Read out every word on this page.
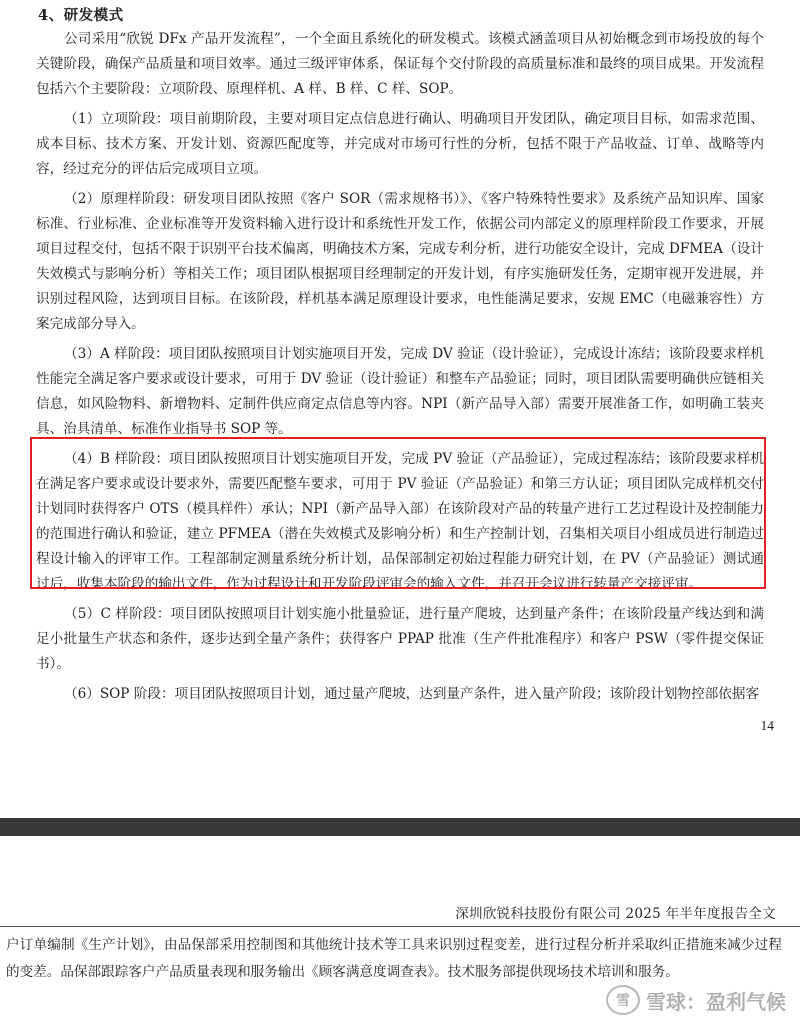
4、研发模式

公司采用“欣锐 DFx 产品开发流程”，一个全面且系统化的研发模式。该模式涵盖项目从初始概念到市场投放的每个关键阶段，确保产品质量和项目效率。通过三级评审体系，保证每个交付阶段的高质量标准和最终的项目成果。开发流程包括六个主要阶段：立项阶段、原理样机、A 样、B 样、C 样、SOP。

（1）立项阶段：项目前期阶段，主要对项目定点信息进行确认、明确项目开发团队，确定项目目标，如需求范围、成本目标、技术方案、开发计划、资源匹配度等，并完成对市场可行性的分析，包括不限于产品收益、订单、战略等内容，经过充分的评估后完成项目立项。

（2）原理样阶段：研发项目团队按照《客户 SOR（需求规格书）》、《客户特殊特性要求》及系统产品知识库、国家标准、行业标准、企业标准等开发资料输入进行设计和系统性开发工作，依据公司内部定义的原理样阶段工作要求，开展项目过程交付，包括不限于识别平台技术偏离，明确技术方案，完成专利分析，进行功能安全设计，完成 DFMEA（设计失效模式与影响分析）等相关工作；项目团队根据项目经理制定的开发计划，有序实施研发任务，定期审视开发进展，并识别过程风险，达到项目目标。在该阶段，样机基本满足原理设计要求，电性能满足要求，安规 EMC（电磁兼容性）方案完成部分导入。

（3）A 样阶段：项目团队按照项目计划实施项目开发，完成 DV 验证（设计验证），完成设计冻结；该阶段要求样机性能完全满足客户要求或设计要求，可用于 DV 验证（设计验证）和整车产品验证；同时，项目团队需要明确供应链相关信息，如风险物料、新增物料、定制件供应商定点信息等内容。NPI（新产品导入部）需要开展准备工作，如明确工装夹具、治具清单、标准作业指导书 SOP 等。

（4）B 样阶段：项目团队按照项目计划实施项目开发，完成 PV 验证（产品验证），完成过程冻结；该阶段要求样机在满足客户要求或设计要求外，需要匹配整车要求，可用于 PV 验证（产品验证）和第三方认证；项目团队完成样机交付计划同时获得客户 OTS（模具样件）承认；NPI（新产品导入部）在该阶段对产品的转量产进行工艺过程设计及控制能力的范围进行确认和验证，建立 PFMEA（潜在失效模式及影响分析）和生产控制计划，召集相关项目小组成员进行制造过程设计输入的评审工作。工程部制定测量系统分析计划，品保部制定初始过程能力研究计划，在 PV（产品验证）测试通过后，收集本阶段的输出文件，作为过程设计和开发阶段评审会的输入文件，并召开会议进行转量产交接评审。

（5）C 样阶段：项目团队按照项目计划实施小批量验证，进行量产爬坡，达到量产条件；在该阶段量产线达到和满足小批量生产状态和条件，逐步达到全量产条件；获得客户 PPAP 批准（生产件批准程序）和客户 PSW（零件提交保证书）。

（6）SOP 阶段：项目团队按照项目计划，通过量产爬坡，达到量产条件，进入量产阶段；该阶段计划物控部依据客

14
深圳欣锐科技股份有限公司 2025 年半年度报告全文
户订单编制《生产计划》，由品保部采用控制图和其他统计技术等工具来识别过程变差，进行过程分析并采取纠正措施来减少过程的变差。品保部跟踪客户产品质量表现和服务输出《顾客满意度调查表》。技术服务部提供现场技术培训和服务。
雪 雪球：盈利气候
